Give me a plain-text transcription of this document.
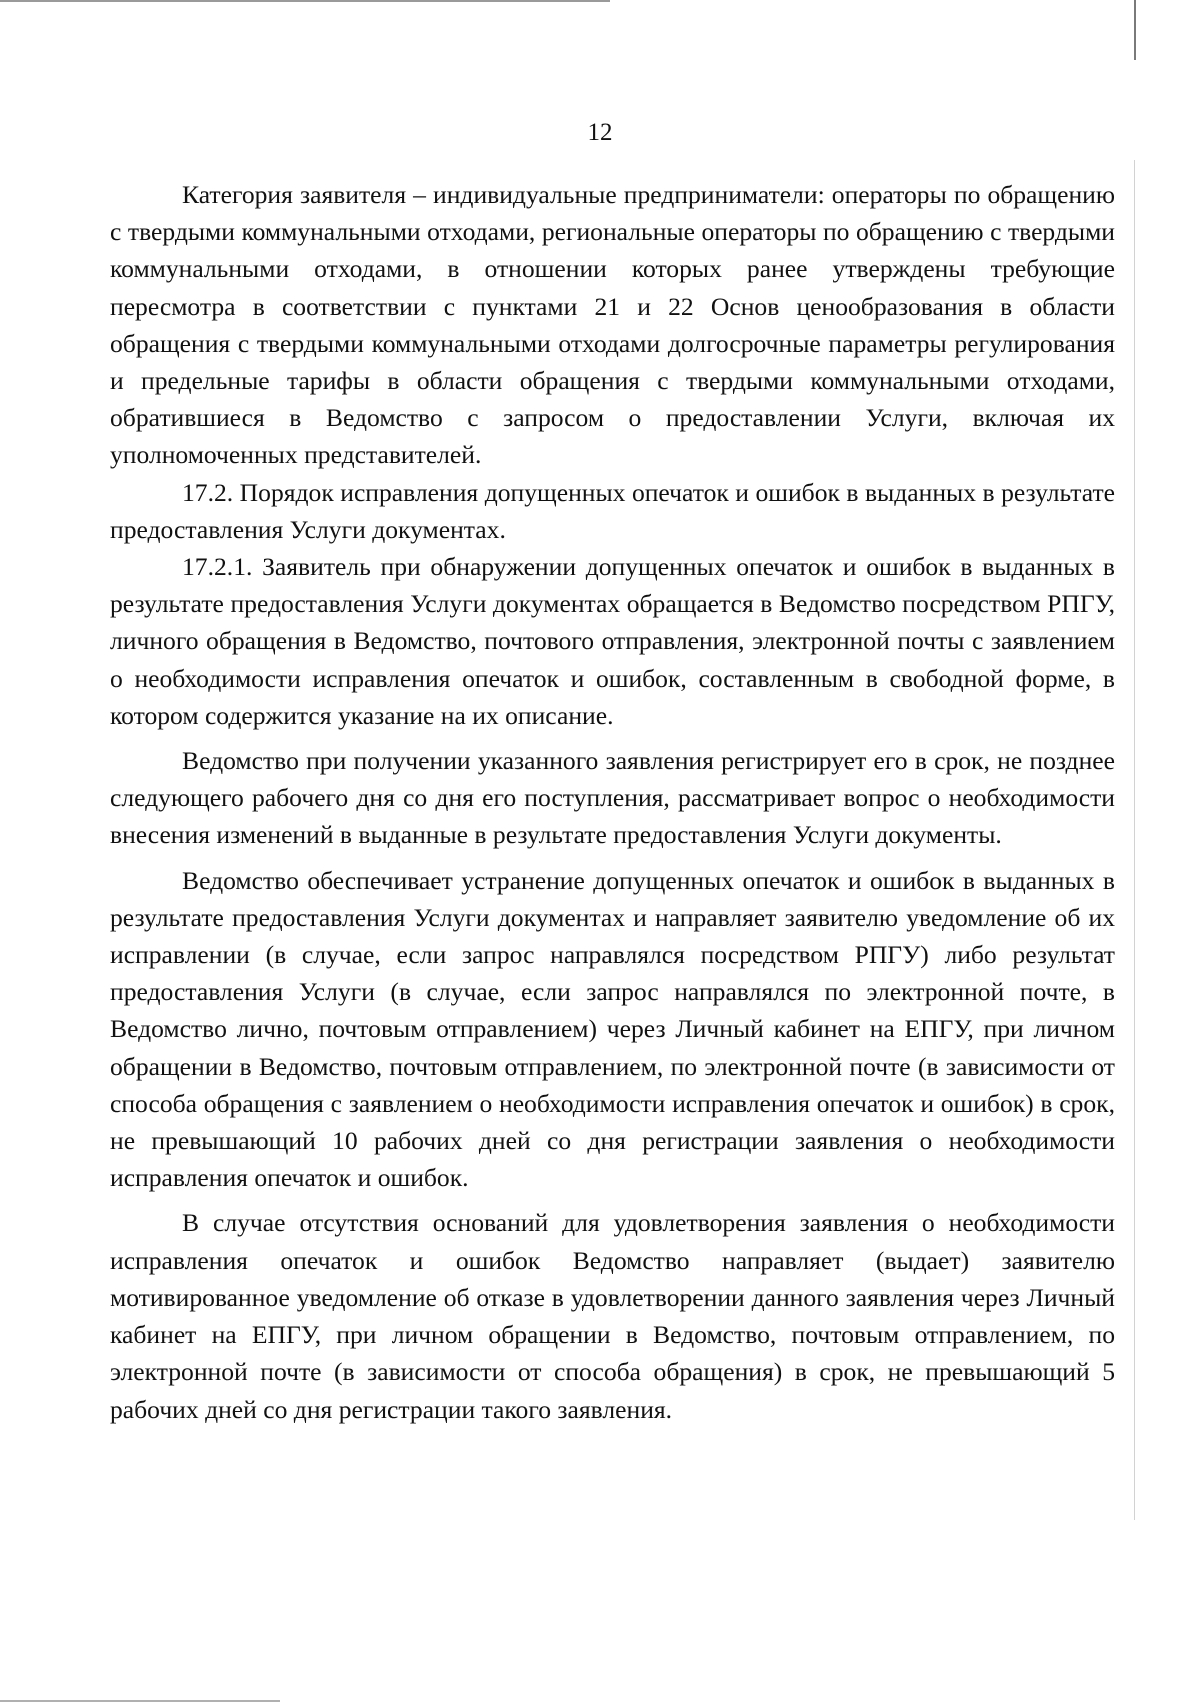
12

Категория заявителя – индивидуальные предприниматели: операторы по обращению с твердыми коммунальными отходами, региональные операторы по обращению с твердыми коммунальными отходами, в отношении которых ранее утверждены требующие пересмотра в соответствии с пунктами 21 и 22 Основ ценообразования в области обращения с твердыми коммунальными отходами долгосрочные параметры регулирования и предельные тарифы в области обращения с твердыми коммунальными отходами, обратившиеся в Ведомство с запросом о предоставлении Услуги, включая их уполномоченных представителей.

17.2. Порядок исправления допущенных опечаток и ошибок в выданных в результате предоставления Услуги документах.

17.2.1. Заявитель при обнаружении допущенных опечаток и ошибок в выданных в результате предоставления Услуги документах обращается в Ведомство посредством РПГУ, личного обращения в Ведомство, почтового отправления, электронной почты с заявлением о необходимости исправления опечаток и ошибок, составленным в свободной форме, в котором содержится указание на их описание.

Ведомство при получении указанного заявления регистрирует его в срок, не позднее следующего рабочего дня со дня его поступления, рассматривает вопрос о необходимости внесения изменений в выданные в результате предоставления Услуги документы.

Ведомство обеспечивает устранение допущенных опечаток и ошибок в выданных в результате предоставления Услуги документах и направляет заявителю уведомление об их исправлении (в случае, если запрос направлялся посредством РПГУ) либо результат предоставления Услуги (в случае, если запрос направлялся по электронной почте, в Ведомство лично, почтовым отправлением) через Личный кабинет на ЕПГУ, при личном обращении в Ведомство, почтовым отправлением, по электронной почте (в зависимости от способа обращения с заявлением о необходимости исправления опечаток и ошибок) в срок, не превышающий 10 рабочих дней со дня регистрации заявления о необходимости исправления опечаток и ошибок.

В случае отсутствия оснований для удовлетворения заявления о необходимости исправления опечаток и ошибок Ведомство направляет (выдает) заявителю мотивированное уведомление об отказе в удовлетворении данного заявления через Личный кабинет на ЕПГУ, при личном обращении в Ведомство, почтовым отправлением, по электронной почте (в зависимости от способа обращения) в срок, не превышающий 5 рабочих дней со дня регистрации такого заявления.
